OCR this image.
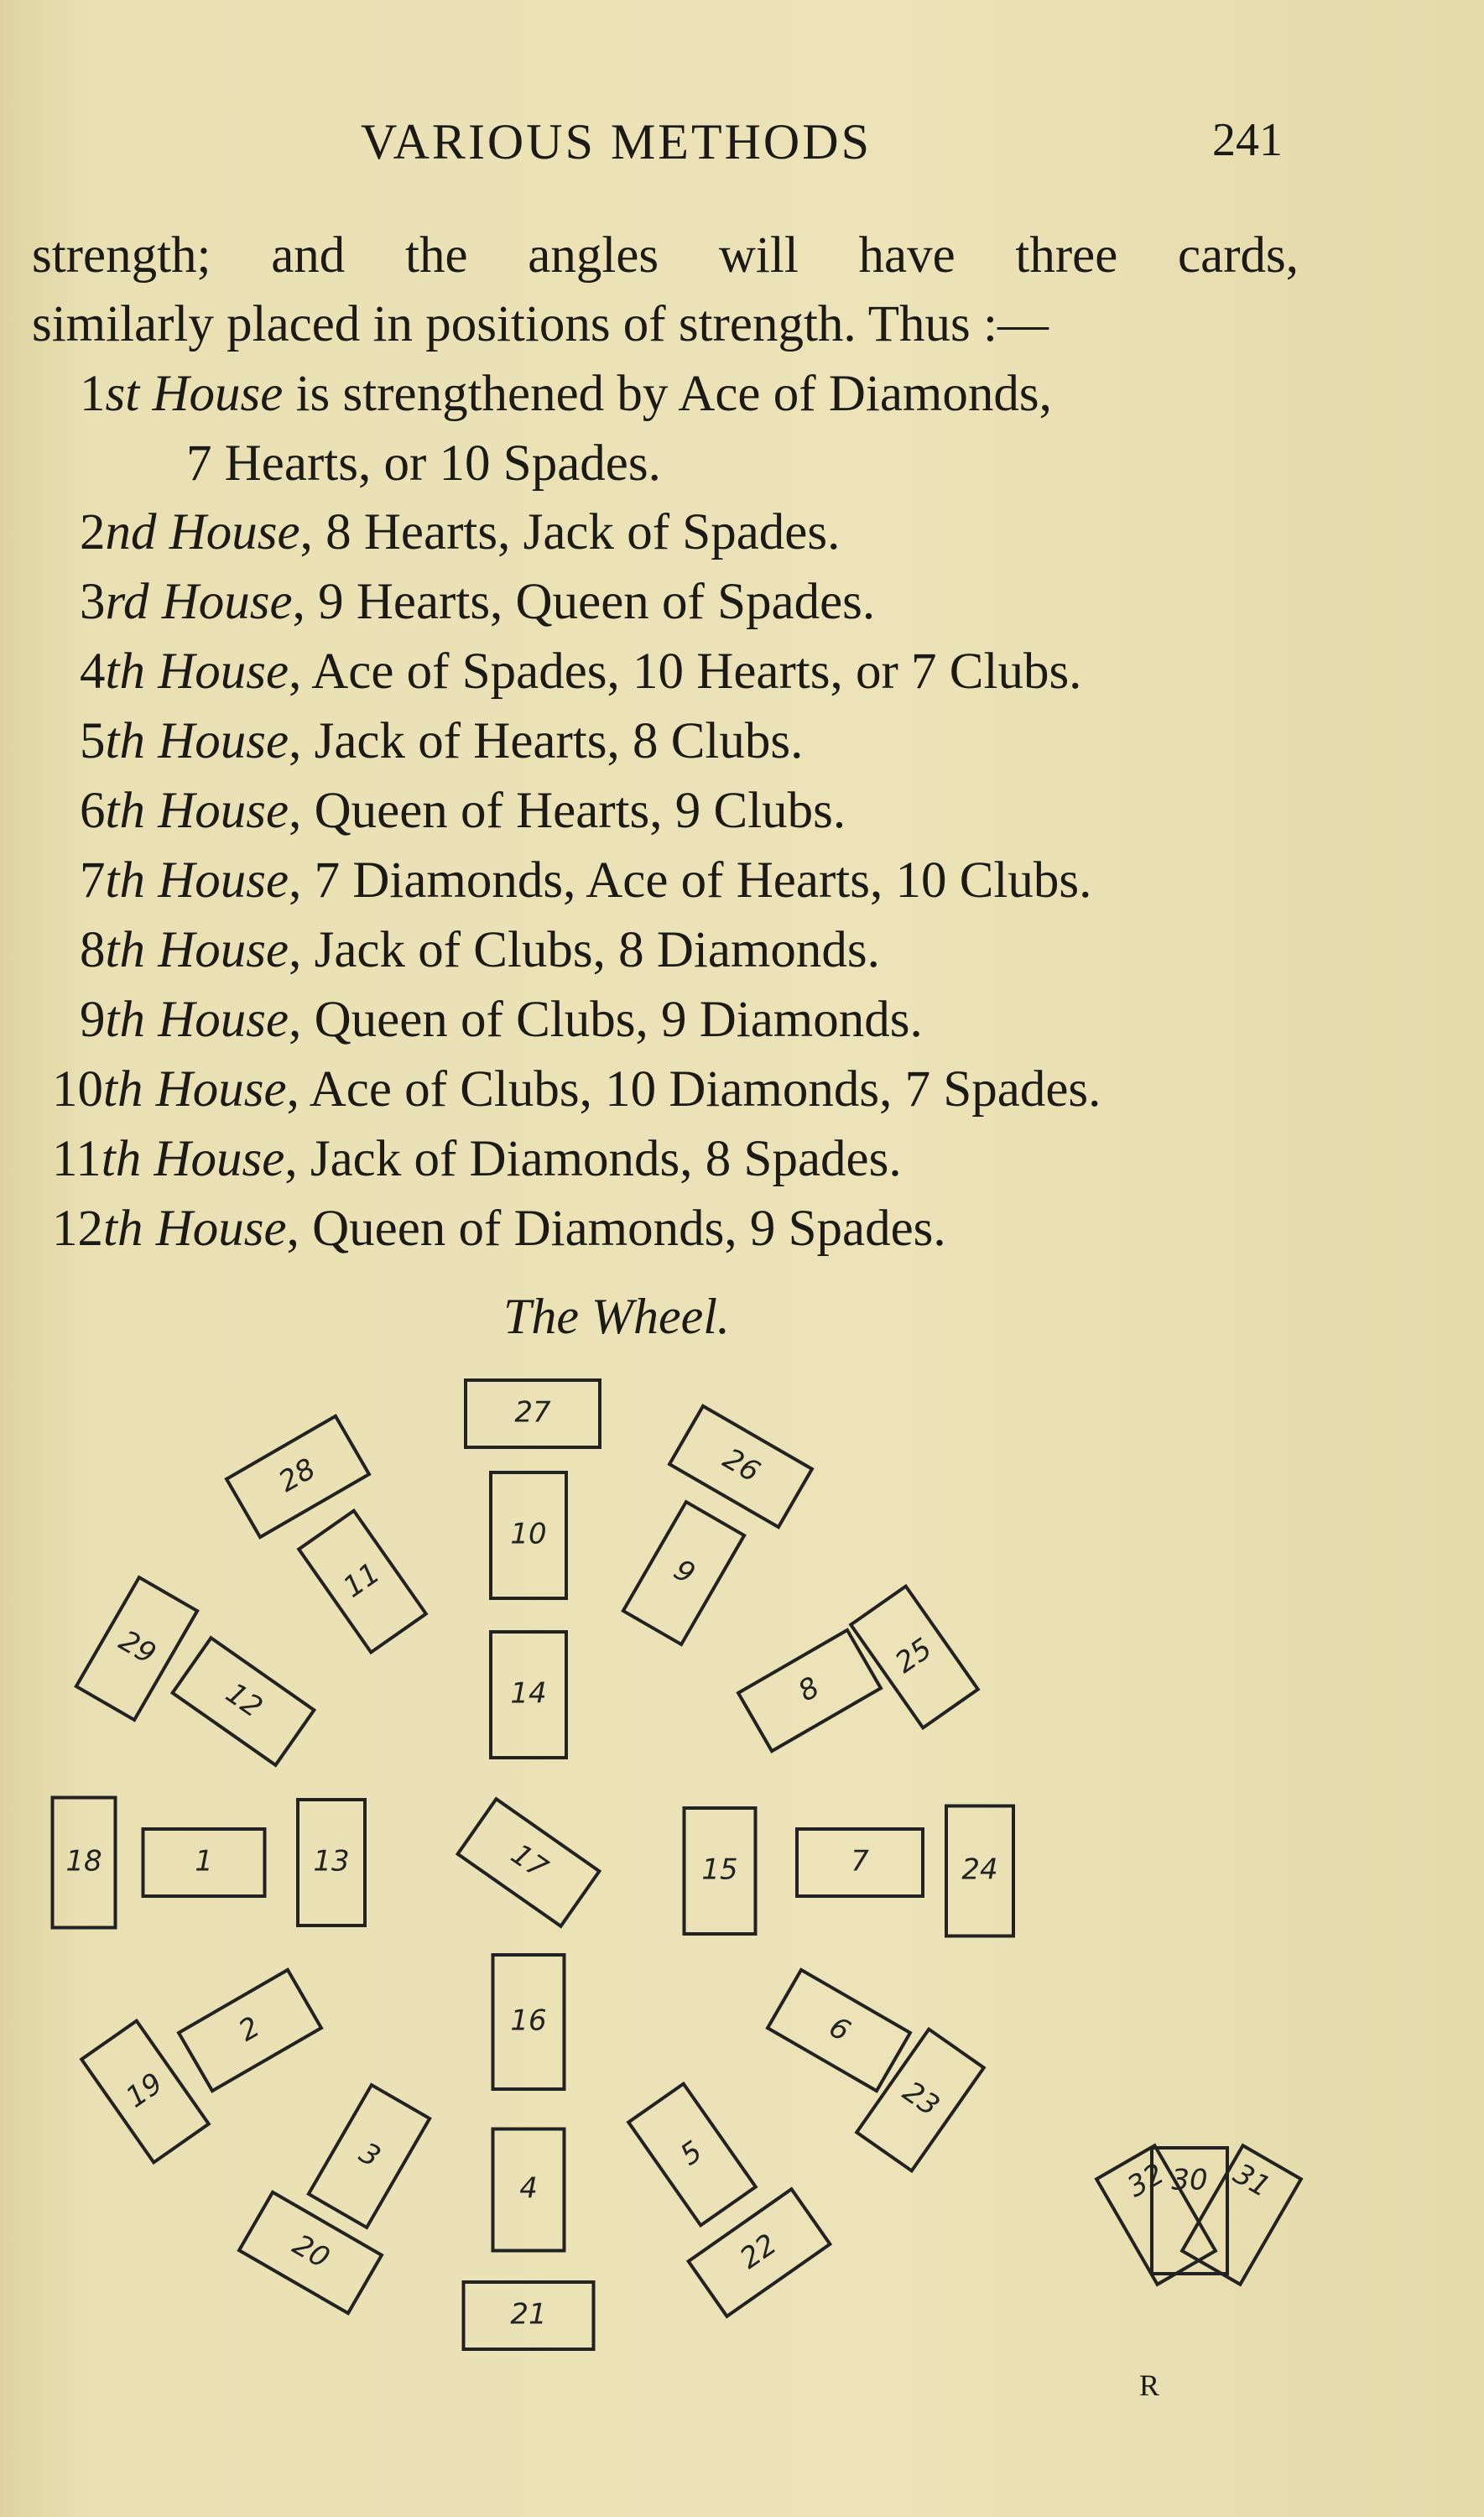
VARIOUS METHODS	241
strength; and the angles will have three cards,
similarly placed in positions of strength. Thus :—
1st House is strengthened by Ace of Diamonds,
7 Hearts, or 10 Spades.
2nd House, 8 Hearts, Jack of Spades.
3rd House, 9 Hearts, Queen of Spades.
4th House, Ace of Spades, 10 Hearts, or 7 Clubs.
5th House, Jack of Hearts, 8 Clubs.
6th House, Queen of Hearts, 9 Clubs.
7th House, 7 Diamonds, Ace of Hearts, 10 Clubs.
8th House, Jack of Clubs, 8 Diamonds.
9th House, Queen of Clubs, 9 Diamonds.
10th House, Ace of Clubs, 10 Diamonds, 7 Spades.
11th House, Jack of Diamonds, 8 Spades.
12th House, Queen of Diamonds, 9 Spades.
The Wheel.
32 31
29
28
27
26
25
24
23
22
21
20
19
18	17
16
15
14
13
12
11
10
9
8
7
6
5
4
3
2
1
30
R
